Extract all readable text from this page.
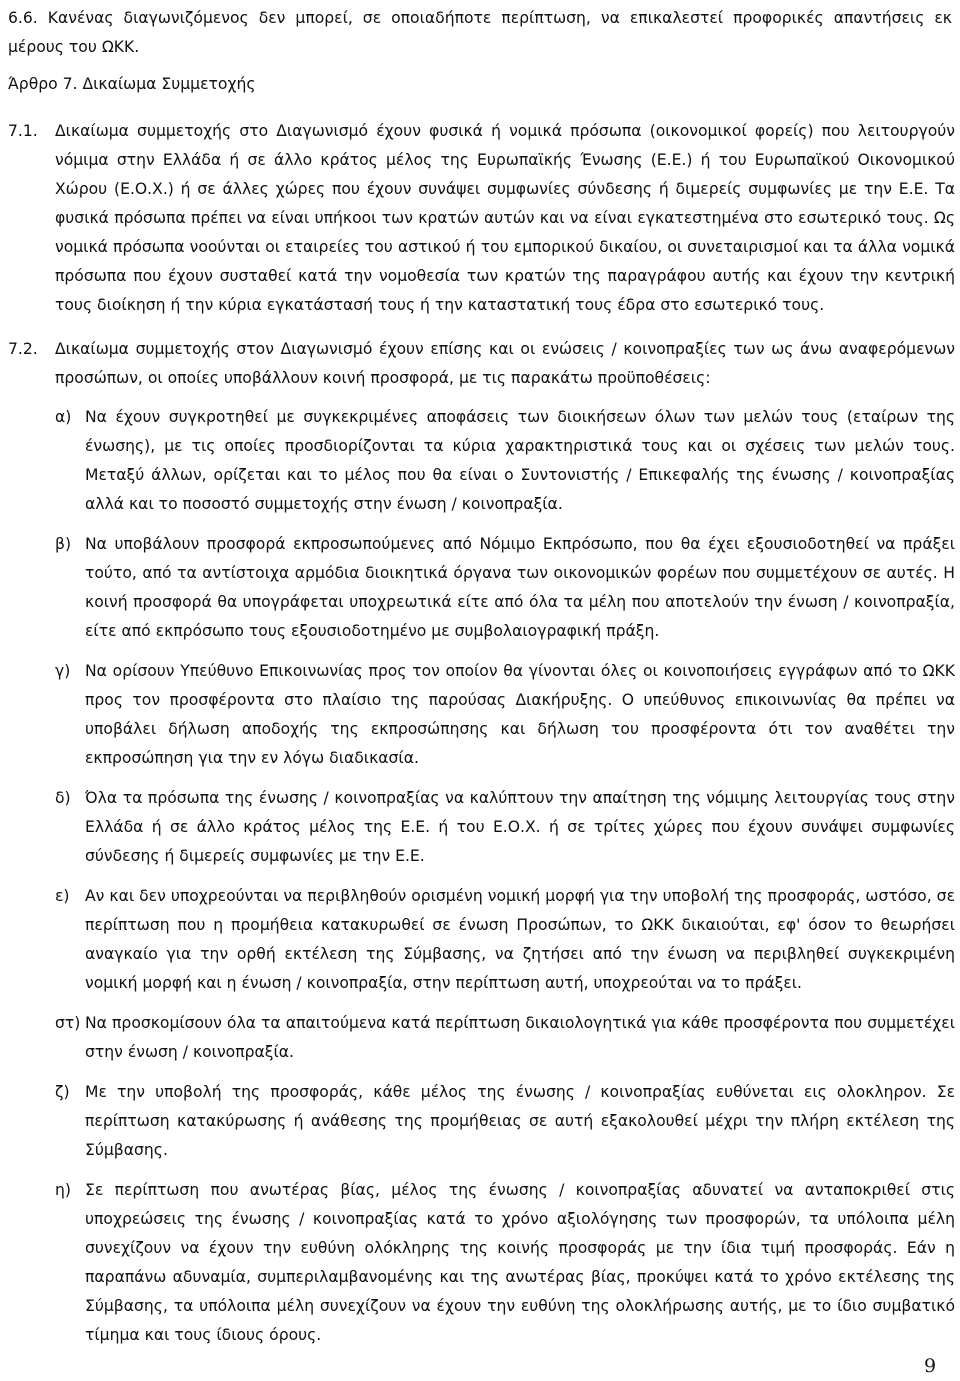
6.6. Κανένας διαγωνιζόμενος δεν μπορεί, σε οποιαδήποτε περίπτωση, να επικαλεστεί προφορικές απαντήσεις εκ μέρους του ΩΚΚ.

Άρθρο 7. Δικαίωμα Συμμετοχής

7.1. Δικαίωμα συμμετοχής στο Διαγωνισμό έχουν φυσικά ή νομικά πρόσωπα (οικονομικοί φορείς) που λειτουργούν νόμιμα στην Ελλάδα ή σε άλλο κράτος μέλος της Ευρωπαϊκής Ένωσης (Ε.Ε.) ή του Ευρωπαϊκού Οικονομικού Χώρου (Ε.Ο.Χ.) ή σε άλλες χώρες που έχουν συνάψει συμφωνίες σύνδεσης ή διμερείς συμφωνίες με την Ε.Ε. Τα φυσικά πρόσωπα πρέπει να είναι υπήκοοι των κρατών αυτών και να είναι εγκατεστημένα στο εσωτερικό τους. Ως νομικά πρόσωπα νοούνται οι εταιρείες του αστικού ή του εμπορικού δικαίου, οι συνεταιρισμοί και τα άλλα νομικά πρόσωπα που έχουν συσταθεί κατά την νομοθεσία των κρατών της παραγράφου αυτής και έχουν την κεντρική τους διοίκηση ή την κύρια εγκατάστασή τους ή την καταστατική τους έδρα στο εσωτερικό τους.

7.2. Δικαίωμα συμμετοχής στον Διαγωνισμό έχουν επίσης και οι ενώσεις / κοινοπραξίες των ως άνω αναφερόμενων προσώπων, οι οποίες υποβάλλουν κοινή προσφορά, με τις παρακάτω προϋποθέσεις:

α) Να έχουν συγκροτηθεί με συγκεκριμένες αποφάσεις των διοικήσεων όλων των μελών τους (εταίρων της ένωσης), με τις οποίες προσδιορίζονται τα κύρια χαρακτηριστικά τους και οι σχέσεις των μελών τους. Μεταξύ άλλων, ορίζεται και το μέλος που θα είναι ο Συντονιστής / Επικεφαλής της ένωσης / κοινοπραξίας αλλά και το ποσοστό συμμετοχής στην ένωση / κοινοπραξία.
β) Να υποβάλουν προσφορά εκπροσωπούμενες από Νόμιμο Εκπρόσωπο, που θα έχει εξουσιοδοτηθεί να πράξει τούτο, από τα αντίστοιχα αρμόδια διοικητικά όργανα των οικονομικών φορέων που συμμετέχουν σε αυτές. Η κοινή προσφορά θα υπογράφεται υποχρεωτικά είτε από όλα τα μέλη που αποτελούν την ένωση / κοινοπραξία, είτε από εκπρόσωπο τους εξουσιοδοτημένο με συμβολαιογραφική πράξη.
γ) Να ορίσουν Υπεύθυνο Επικοινωνίας προς τον οποίον θα γίνονται όλες οι κοινοποιήσεις εγγράφων από το ΩΚΚ προς τον προσφέροντα στο πλαίσιο της παρούσας Διακήρυξης. Ο υπεύθυνος επικοινωνίας θα πρέπει να υποβάλει δήλωση αποδοχής της εκπροσώπησης και δήλωση του προσφέροντα ότι τον αναθέτει την εκπροσώπηση για την εν λόγω διαδικασία.
δ) Όλα τα πρόσωπα της ένωσης / κοινοπραξίας να καλύπτουν την απαίτηση της νόμιμης λειτουργίας τους στην Ελλάδα ή σε άλλο κράτος μέλος της Ε.Ε. ή του Ε.Ο.Χ. ή σε τρίτες χώρες που έχουν συνάψει συμφωνίες σύνδεσης ή διμερείς συμφωνίες με την Ε.Ε.
ε) Αν και δεν υποχρεούνται να περιβληθούν ορισμένη νομική μορφή για την υποβολή της προσφοράς, ωστόσο, σε περίπτωση που η προμήθεια κατακυρωθεί σε ένωση Προσώπων, το ΩΚΚ δικαιούται, εφ' όσον το θεωρήσει αναγκαίο για την ορθή εκτέλεση της Σύμβασης, να ζητήσει από την ένωση να περιβληθεί συγκεκριμένη νομική μορφή και η ένωση / κοινοπραξία, στην περίπτωση αυτή, υποχρεούται να το πράξει.
στ) Να προσκομίσουν όλα τα απαιτούμενα κατά περίπτωση δικαιολογητικά για κάθε προσφέροντα που συμμετέχει στην ένωση / κοινοπραξία.
ζ) Με την υποβολή της προσφοράς, κάθε μέλος της ένωσης / κοινοπραξίας ευθύνεται εις ολοκληρον. Σε περίπτωση κατακύρωσης ή ανάθεσης της προμήθειας σε αυτή εξακολουθεί μέχρι την πλήρη εκτέλεση της Σύμβασης.
η) Σε περίπτωση που ανωτέρας βίας, μέλος της ένωσης / κοινοπραξίας αδυνατεί να ανταποκριθεί στις υποχρεώσεις της ένωσης / κοινοπραξίας κατά το χρόνο αξιολόγησης των προσφορών, τα υπόλοιπα μέλη συνεχίζουν να έχουν την ευθύνη ολόκληρης της κοινής προσφοράς με την ίδια τιμή προσφοράς. Εάν η παραπάνω αδυναμία, συμπεριλαμβανομένης και της ανωτέρας βίας, προκύψει κατά το χρόνο εκτέλεσης της Σύμβασης, τα υπόλοιπα μέλη συνεχίζουν να έχουν την ευθύνη της ολοκλήρωσης αυτής, με το ίδιο συμβατικό τίμημα και τους ίδιους όρους.
9
